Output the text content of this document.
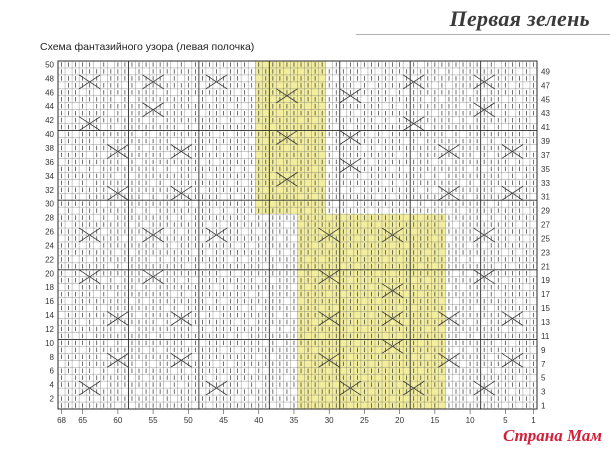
Первая зелень
Схема фантазийного узора (левая полочка)
50
48
46
44
42
40
38
36
34
32
30
28
26
24
22
20
18
16
14
12
10
8
6
4
2
49
47
45
43
41
39
37
35
33
31
29
27
25
23
21
19
17
15
13
11
9
7
5
3
1
68 65	60	55	50	45	40	35	30	25	20	15	10	5	1
Страна Мам
